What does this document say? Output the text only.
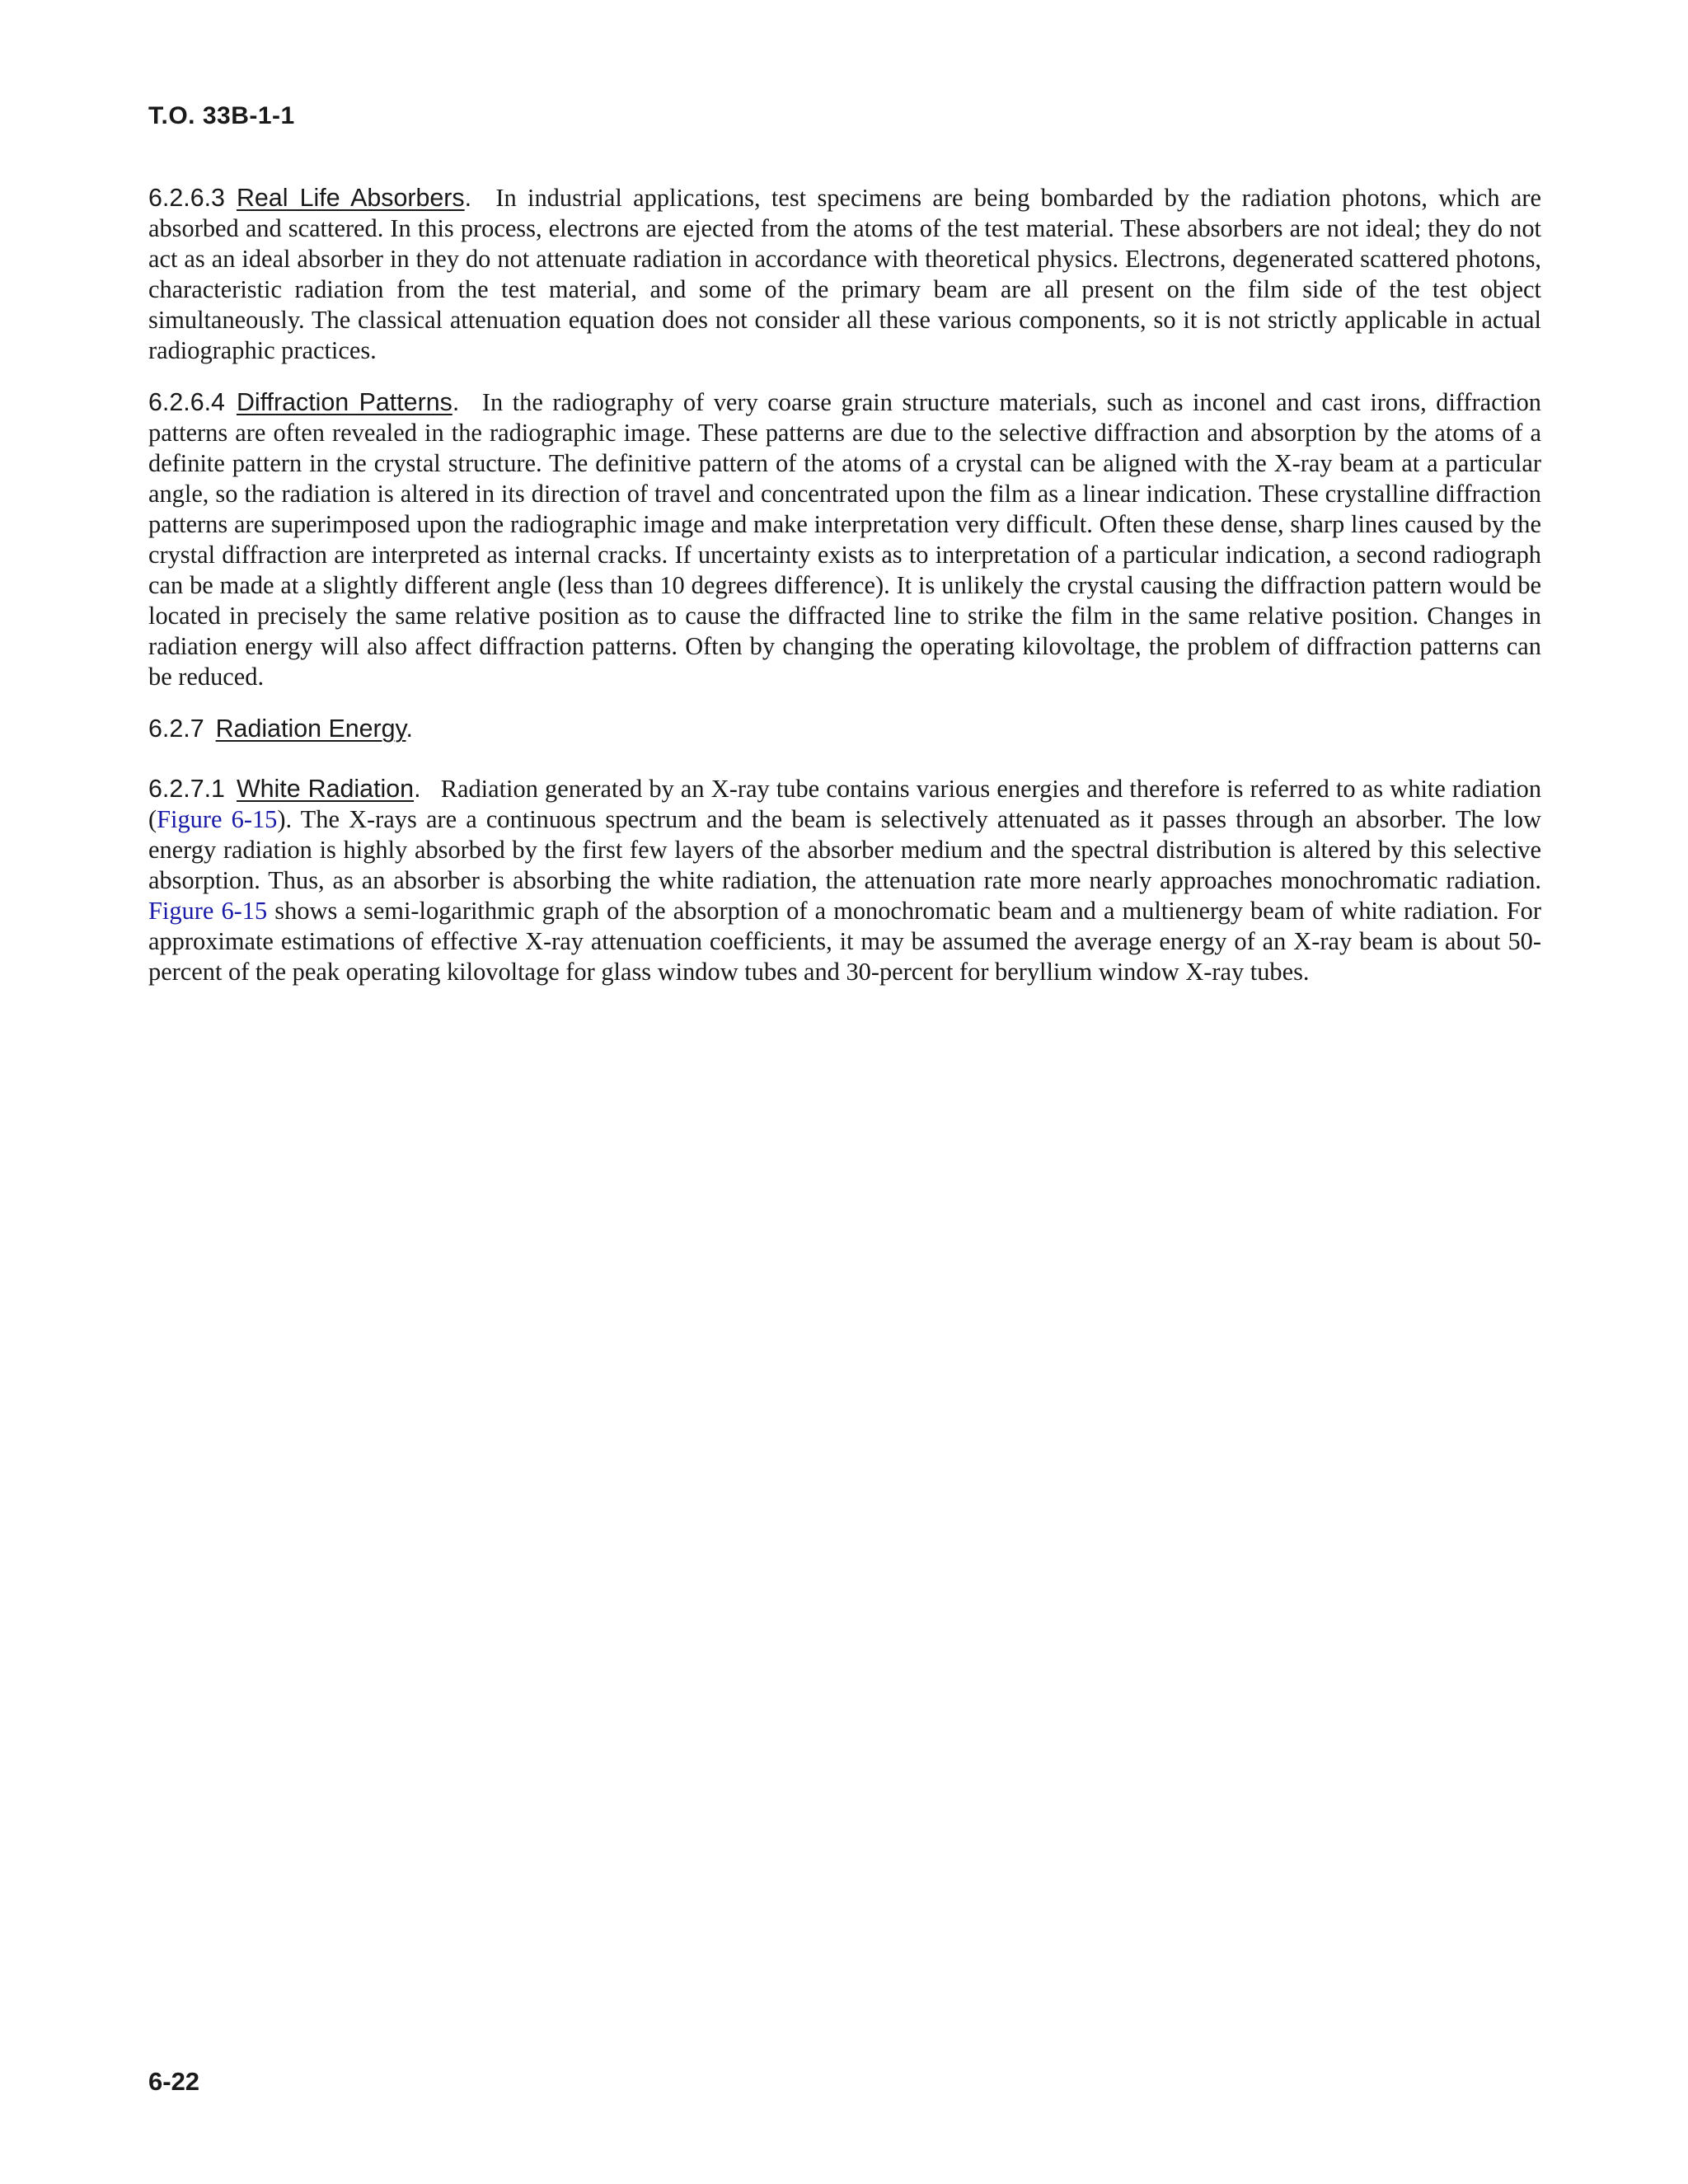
T.O. 33B-1-1

6.2.6.3 Real Life Absorbers. In industrial applications, test specimens are being bombarded by the radiation photons, which are absorbed and scattered. In this process, electrons are ejected from the atoms of the test material. These absorbers are not ideal; they do not act as an ideal absorber in they do not attenuate radiation in accordance with theoretical physics. Electrons, degenerated scattered photons, characteristic radiation from the test material, and some of the primary beam are all present on the film side of the test object simultaneously. The classical attenuation equation does not consider all these various components, so it is not strictly applicable in actual radiographic practices.

6.2.6.4 Diffraction Patterns. In the radiography of very coarse grain structure materials, such as inconel and cast irons, diffraction patterns are often revealed in the radiographic image. These patterns are due to the selective diffraction and absorption by the atoms of a definite pattern in the crystal structure. The definitive pattern of the atoms of a crystal can be aligned with the X-ray beam at a particular angle, so the radiation is altered in its direction of travel and concentrated upon the film as a linear indication. These crystalline diffraction patterns are superimposed upon the radiographic image and make interpretation very difficult. Often these dense, sharp lines caused by the crystal diffraction are interpreted as internal cracks. If uncertainty exists as to interpretation of a particular indication, a second radiograph can be made at a slightly different angle (less than 10 degrees difference). It is unlikely the crystal causing the diffraction pattern would be located in precisely the same relative position as to cause the diffracted line to strike the film in the same relative position. Changes in radiation energy will also affect diffraction patterns. Often by changing the operating kilovoltage, the problem of diffraction patterns can be reduced.

6.2.7 Radiation Energy.

6.2.7.1 White Radiation. Radiation generated by an X-ray tube contains various energies and therefore is referred to as white radiation (Figure 6-15). The X-rays are a continuous spectrum and the beam is selectively attenuated as it passes through an absorber. The low energy radiation is highly absorbed by the first few layers of the absorber medium and the spectral distribution is altered by this selective absorption. Thus, as an absorber is absorbing the white radiation, the attenuation rate more nearly approaches monochromatic radiation. Figure 6-15 shows a semi-logarithmic graph of the absorption of a monochromatic beam and a multienergy beam of white radiation. For approximate estimations of effective X-ray attenuation coefficients, it may be assumed the average energy of an X-ray beam is about 50-percent of the peak operating kilovoltage for glass window tubes and 30-percent for beryllium window X-ray tubes.

6-22
